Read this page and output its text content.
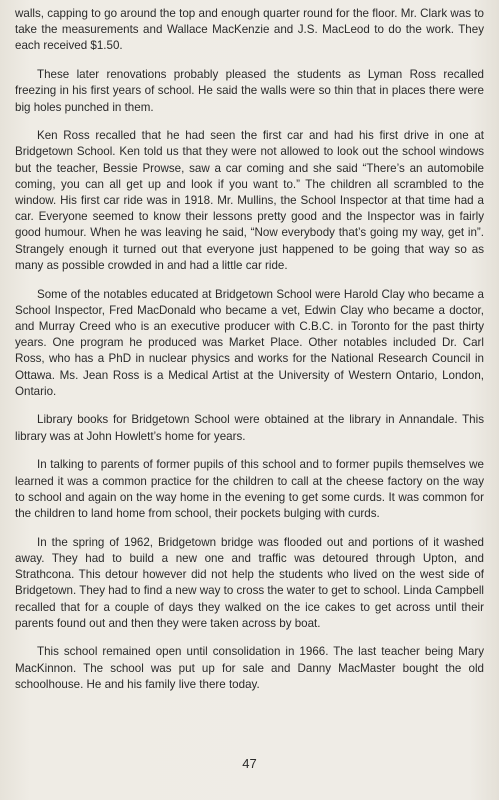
walls, capping to go around the top and enough quarter round for the floor. Mr. Clark was to take the measurements and Wallace MacKenzie and J.S. MacLeod to do the work. They each received $1.50.

These later renovations probably pleased the students as Lyman Ross recalled freezing in his first years of school. He said the walls were so thin that in places there were big holes punched in them.

Ken Ross recalled that he had seen the first car and had his first drive in one at Bridgetown School. Ken told us that they were not allowed to look out the school windows but the teacher, Bessie Prowse, saw a car coming and she said “There’s an automobile coming, you can all get up and look if you want to.” The children all scrambled to the window. His first car ride was in 1918. Mr. Mullins, the School Inspector at that time had a car. Everyone seemed to know their lessons pretty good and the Inspector was in fairly good humour. When he was leaving he said, “Now everybody that’s going my way, get in”. Strangely enough it turned out that everyone just happened to be going that way so as many as possible crowded in and had a little car ride.

Some of the notables educated at Bridgetown School were Harold Clay who became a School Inspector, Fred MacDonald who became a vet, Edwin Clay who became a doctor, and Murray Creed who is an executive producer with C.B.C. in Toronto for the past thirty years. One program he produced was Market Place. Other notables included Dr. Carl Ross, who has a PhD in nuclear physics and works for the National Research Council in Ottawa. Ms. Jean Ross is a Medical Artist at the University of Western Ontario, London, Ontario.

Library books for Bridgetown School were obtained at the library in Annandale. This library was at John Howlett’s home for years.

In talking to parents of former pupils of this school and to former pupils themselves we learned it was a common practice for the children to call at the cheese factory on the way to school and again on the way home in the evening to get some curds. It was common for the children to land home from school, their pockets bulging with curds.

In the spring of 1962, Bridgetown bridge was flooded out and portions of it washed away. They had to build a new one and traffic was detoured through Upton, and Strathcona. This detour however did not help the students who lived on the west side of Bridgetown. They had to find a new way to cross the water to get to school. Linda Campbell recalled that for a couple of days they walked on the ice cakes to get across until their parents found out and then they were taken across by boat.

This school remained open until consolidation in 1966. The last teacher being Mary MacKinnon. The school was put up for sale and Danny MacMaster bought the old schoolhouse. He and his family live there today.

47
